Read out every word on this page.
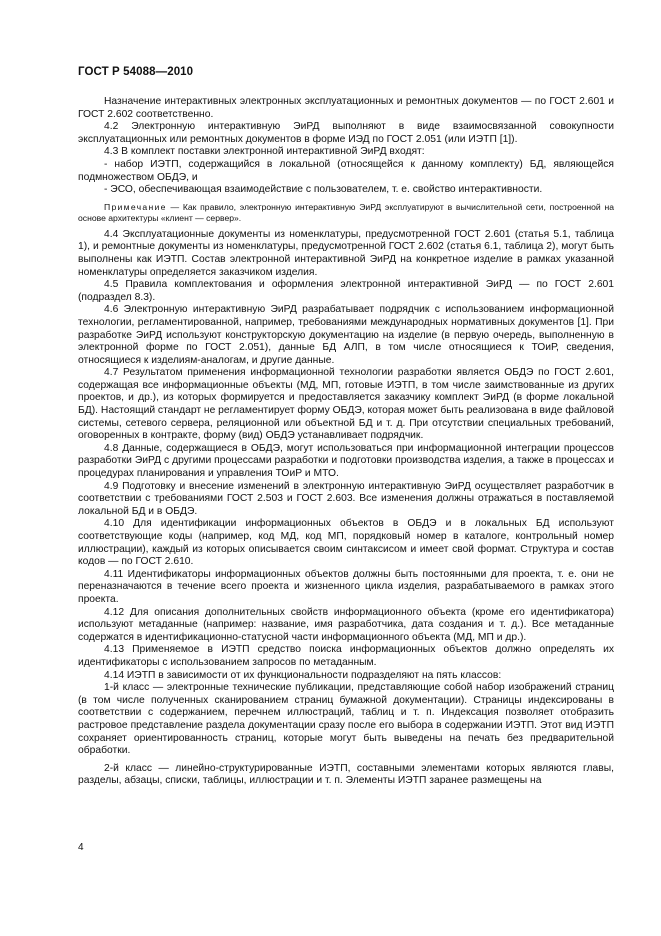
ГОСТ Р 54088—2010

Назначение интерактивных электронных эксплуатационных и ремонтных документов — по ГОСТ 2.601 и ГОСТ 2.602 соответственно.

4.2 Электронную интерактивную ЭиРД выполняют в виде взаимосвязанной совокупности эксплуатационных или ремонтных документов в форме ИЭД по ГОСТ 2.051 (или ИЭТП [1]).

4.3 В комплект поставки электронной интерактивной ЭиРД входят:

- набор ИЭТП, содержащийся в локальной (относящейся к данному комплекту) БД, являющейся подмножеством ОБДЭ, и

- ЭСО, обеспечивающая взаимодействие с пользователем, т. е. свойство интерактивности.

Примечание — Как правило, электронную интерактивную ЭиРД эксплуатируют в вычислительной сети, построенной на основе архитектуры «клиент — сервер».

4.4 Эксплуатационные документы из номенклатуры, предусмотренной ГОСТ 2.601 (статья 5.1, таблица 1), и ремонтные документы из номенклатуры, предусмотренной ГОСТ 2.602 (статья 6.1, таблица 2), могут быть выполнены как ИЭТП. Состав электронной интерактивной ЭиРД на конкретное изделие в рамках указанной номенклатуры определяется заказчиком изделия.

4.5 Правила комплектования и оформления электронной интерактивной ЭиРД — по ГОСТ 2.601 (подраздел 8.3).

4.6 Электронную интерактивную ЭиРД разрабатывает подрядчик с использованием информационной технологии, регламентированной, например, требованиями международных нормативных документов [1]. При разработке ЭиРД используют конструкторскую документацию на изделие (в первую очередь, выполненную в электронной форме по ГОСТ 2.051), данные БД АЛП, в том числе относящиеся к ТОиР, сведения, относящиеся к изделиям-аналогам, и другие данные.

4.7 Результатом применения информационной технологии разработки является ОБДЭ по ГОСТ 2.601, содержащая все информационные объекты (МД, МП, готовые ИЭТП, в том числе заимствованные из других проектов, и др.), из которых формируется и предоставляется заказчику комплект ЭиРД (в форме локальной БД). Настоящий стандарт не регламентирует форму ОБДЭ, которая может быть реализована в виде файловой системы, сетевого сервера, реляционной или объектной БД и т. д. При отсутствии специальных требований, оговоренных в контракте, форму (вид) ОБДЭ устанавливает подрядчик.

4.8 Данные, содержащиеся в ОБДЭ, могут использоваться при информационной интеграции процессов разработки ЭиРД с другими процессами разработки и подготовки производства изделия, а также в процессах и процедурах планирования и управления ТОиР и МТО.

4.9 Подготовку и внесение изменений в электронную интерактивную ЭиРД осуществляет разработчик в соответствии с требованиями ГОСТ 2.503 и ГОСТ 2.603. Все изменения должны отражаться в поставляемой локальной БД и в ОБДЭ.

4.10 Для идентификации информационных объектов в ОБДЭ и в локальных БД используют соответствующие коды (например, код МД, код МП, порядковый номер в каталоге, контрольный номер иллюстрации), каждый из которых описывается своим синтаксисом и имеет свой формат. Структура и состав кодов — по ГОСТ 2.610.

4.11 Идентификаторы информационных объектов должны быть постоянными для проекта, т. е. они не переназначаются в течение всего проекта и жизненного цикла изделия, разрабатываемого в рамках этого проекта.

4.12 Для описания дополнительных свойств информационного объекта (кроме его идентификатора) используют метаданные (например: название, имя разработчика, дата создания и т. д.). Все метаданные содержатся в идентификационно-статусной части информационного объекта (МД, МП и др.).

4.13 Применяемое в ИЭТП средство поиска информационных объектов должно определять их идентификаторы с использованием запросов по метаданным.

4.14 ИЭТП в зависимости от их функциональности подразделяют на пять классов:

1-й класс — электронные технические публикации, представляющие собой набор изображений страниц (в том числе полученных сканированием страниц бумажной документации). Страницы индексированы в соответствии с содержанием, перечнем иллюстраций, таблиц и т. п. Индексация позволяет отобразить растровое представление раздела документации сразу после его выбора в содержании ИЭТП. Этот вид ИЭТП сохраняет ориентированность страниц, которые могут быть выведены на печать без предварительной обработки.

2-й класс — линейно-структурированные ИЭТП, составными элементами которых являются главы, разделы, абзацы, списки, таблицы, иллюстрации и т. п. Элементы ИЭТП заранее размещены на

4
